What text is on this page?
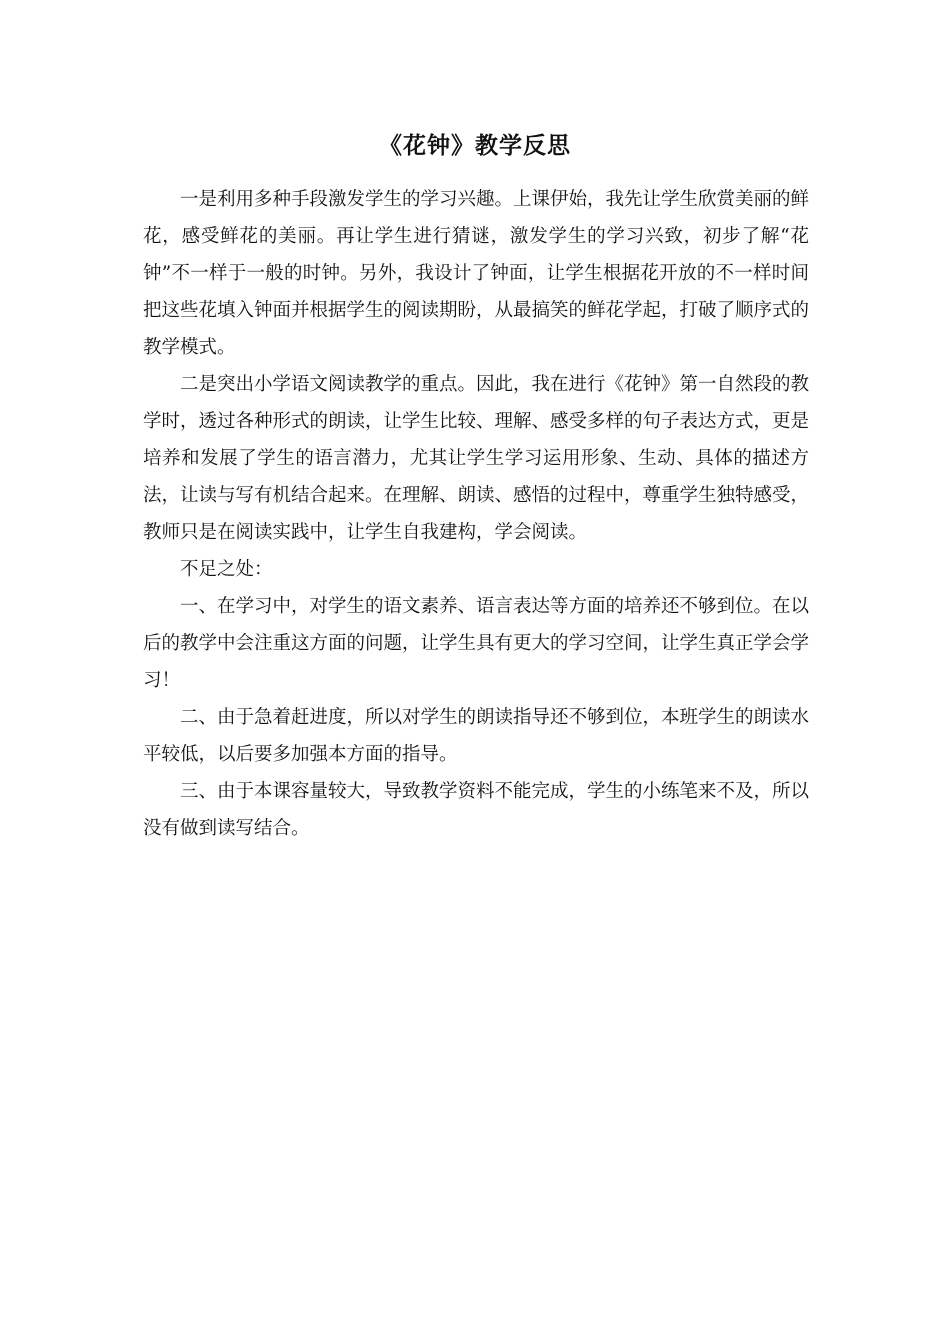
《花钟》教学反思

一是利用多种手段激发学生的学习兴趣。上课伊始，我先让学生欣赏美丽的鲜花，感受鲜花的美丽。再让学生进行猜谜，激发学生的学习兴致，初步了解“花钟”不一样于一般的时钟。另外，我设计了钟面，让学生根据花开放的不一样时间把这些花填入钟面并根据学生的阅读期盼，从最搞笑的鲜花学起，打破了顺序式的教学模式。

二是突出小学语文阅读教学的重点。因此，我在进行《花钟》第一自然段的教学时，透过各种形式的朗读，让学生比较、理解、感受多样的句子表达方式，更是培养和发展了学生的语言潜力，尤其让学生学习运用形象、生动、具体的描述方法，让读与写有机结合起来。在理解、朗读、感悟的过程中，尊重学生独特感受，教师只是在阅读实践中，让学生自我建构，学会阅读。

不足之处：

一、在学习中，对学生的语文素养、语言表达等方面的培养还不够到位。在以后的教学中会注重这方面的问题，让学生具有更大的学习空间，让学生真正学会学习！

二、由于急着赶进度，所以对学生的朗读指导还不够到位，本班学生的朗读水平较低，以后要多加强本方面的指导。

三、由于本课容量较大，导致教学资料不能完成，学生的小练笔来不及，所以没有做到读写结合。
